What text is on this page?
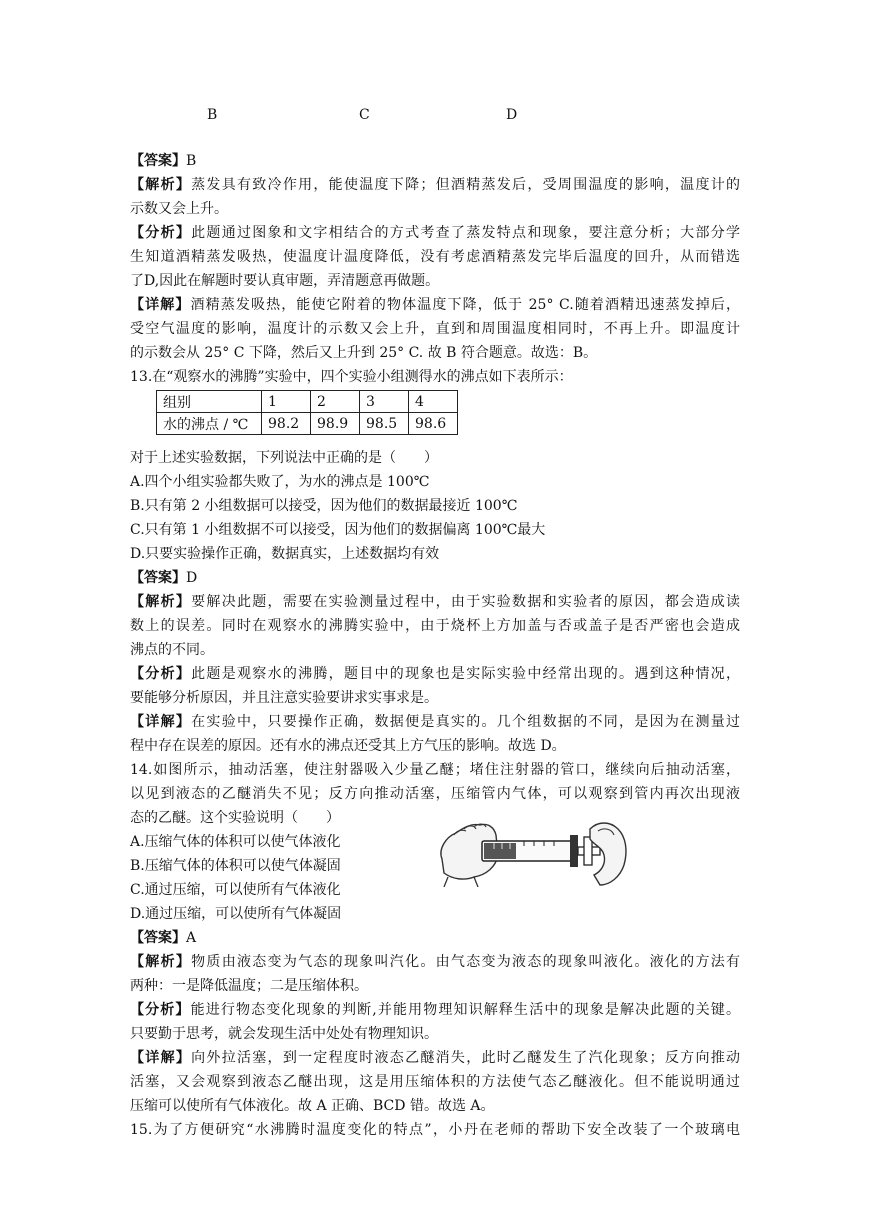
B	C	D
【答案】B
【解析】蒸发具有致冷作用，能使温度下降；但酒精蒸发后，受周围温度的影响，温度计的
示数又会上升。
【分析】此题通过图象和文字相结合的方式考查了蒸发特点和现象，要注意分析；大部分学
生知道酒精蒸发吸热，使温度计温度降低，没有考虑酒精蒸发完毕后温度的回升，从而错选
了D,因此在解题时要认真审题，弄清题意再做题。
【详解】酒精蒸发吸热，能使它附着的物体温度下降，低于 25° C.随着酒精迅速蒸发掉后，
受空气温度的影响，温度计的示数又会上升，直到和周围温度相同时，不再上升。即温度计
的示数会从 25° C 下降，然后又上升到 25° C. 故 B 符合题意。故选：B。
13.在“观察水的沸腾”实验中，四个实验小组测得水的沸点如下表所示：
组别	1	2	3	4
水的沸点 / ℃	98.2	98.9	98.5	98.6
对于上述实验数据，下列说法中正确的是（　　）
A.四个小组实验都失败了，为水的沸点是 100℃
B.只有第 2 小组数据可以接受，因为他们的数据最接近 100℃
C.只有第 1 小组数据不可以接受，因为他们的数据偏离 100℃最大
D.只要实验操作正确，数据真实，上述数据均有效
【答案】D
【解析】要解决此题，需要在实验测量过程中，由于实验数据和实验者的原因，都会造成读
数上的误差。同时在观察水的沸腾实验中，由于烧杯上方加盖与否或盖子是否严密也会造成
沸点的不同。
【分析】此题是观察水的沸腾，题目中的现象也是实际实验中经常出现的。遇到这种情况，
要能够分析原因，并且注意实验要讲求实事求是。
【详解】在实验中，只要操作正确，数据便是真实的。几个组数据的不同，是因为在测量过
程中存在误差的原因。还有水的沸点还受其上方气压的影响。故选 D。
14.如图所示，抽动活塞，使注射器吸入少量乙醚；堵住注射器的管口，继续向后抽动活塞，
以见到液态的乙醚消失不见；反方向推动活塞，压缩管内气体，可以观察到管内再次出现液
态的乙醚。这个实验说明（　　）
A.压缩气体的体积可以使气体液化
B.压缩气体的体积可以使气体凝固
C.通过压缩，可以使所有气体液化
D.通过压缩，可以使所有气体凝固
【答案】A
【解析】物质由液态变为气态的现象叫汽化。由气态变为液态的现象叫液化。液化的方法有
两种：一是降低温度；二是压缩体积。
【分析】能进行物态变化现象的判断,并能用物理知识解释生活中的现象是解决此题的关键。
只要勤于思考，就会发现生活中处处有物理知识。
【详解】向外拉活塞，到一定程度时液态乙醚消失，此时乙醚发生了汽化现象；反方向推动
活塞，又会观察到液态乙醚出现，这是用压缩体积的方法使气态乙醚液化。但不能说明通过
压缩可以使所有气体液化。故 A 正确、BCD 错。故选 A。
15.为了方便研究“水沸腾时温度变化的特点”，小丹在老师的帮助下安全改装了一个玻璃电
